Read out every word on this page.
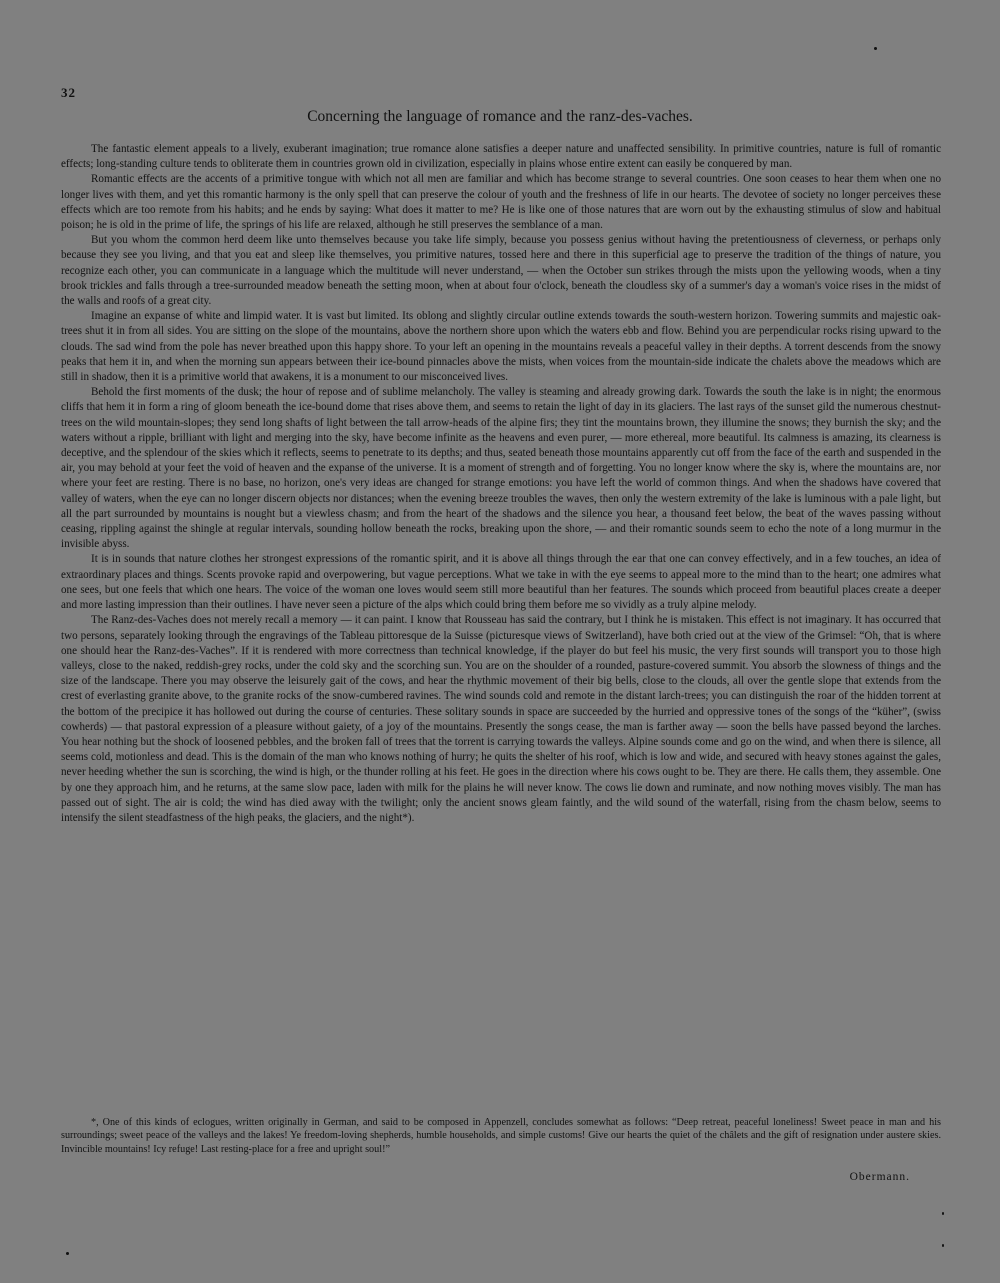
32
Concerning the language of romance and the ranz-des-vaches.

The fantastic element appeals to a lively, exuberant imagination; true romance alone satisfies a deeper nature and unaffected sensibility. In primitive countries, nature is full of romantic effects; long-standing culture tends to obliterate them in countries grown old in civilization, especially in plains whose entire extent can easily be conquered by man.

Romantic effects are the accents of a primitive tongue with which not all men are familiar and which has become strange to several countries. One soon ceases to hear them when one no longer lives with them, and yet this romantic harmony is the only spell that can preserve the colour of youth and the freshness of life in our hearts. The devotee of society no longer perceives these effects which are too remote from his habits; and he ends by saying: What does it matter to me? He is like one of those natures that are worn out by the exhausting stimulus of slow and habitual poison; he is old in the prime of life, the springs of his life are relaxed, although he still preserves the semblance of a man.

But you whom the common herd deem like unto themselves because you take life simply, because you possess genius without having the pretentiousness of cleverness, or perhaps only because they see you living, and that you eat and sleep like themselves, you primitive natures, tossed here and there in this superficial age to preserve the tradition of the things of nature, you recognize each other, you can communicate in a language which the multitude will never understand, — when the October sun strikes through the mists upon the yellowing woods, when a tiny brook trickles and falls through a tree-surrounded meadow beneath the setting moon, when at about four o'clock, beneath the cloudless sky of a summer's day a woman's voice rises in the midst of the walls and roofs of a great city.

Imagine an expanse of white and limpid water. It is vast but limited. Its oblong and slightly circular outline extends towards the south-western horizon. Towering summits and majestic oak-trees shut it in from all sides. You are sitting on the slope of the mountains, above the northern shore upon which the waters ebb and flow. Behind you are perpendicular rocks rising upward to the clouds. The sad wind from the pole has never breathed upon this happy shore. To your left an opening in the mountains reveals a peaceful valley in their depths. A torrent descends from the snowy peaks that hem it in, and when the morning sun appears between their ice-bound pinnacles above the mists, when voices from the mountain-side indicate the chalets above the meadows which are still in shadow, then it is a primitive world that awakens, it is a monument to our misconceived lives.

Behold the first moments of the dusk; the hour of repose and of sublime melancholy. The valley is steaming and already growing dark. Towards the south the lake is in night; the enormous cliffs that hem it in form a ring of gloom beneath the ice-bound dome that rises above them, and seems to retain the light of day in its glaciers. The last rays of the sunset gild the numerous chestnut-trees on the wild mountain-slopes; they send long shafts of light between the tall arrow-heads of the alpine firs; they tint the mountains brown, they illumine the snows; they burnish the sky; and the waters without a ripple, brilliant with light and merging into the sky, have become infinite as the heavens and even purer, — more ethereal, more beautiful. Its calmness is amazing, its clearness is deceptive, and the splendour of the skies which it reflects, seems to penetrate to its depths; and thus, seated beneath those mountains apparently cut off from the face of the earth and suspended in the air, you may behold at your feet the void of heaven and the expanse of the universe. It is a moment of strength and of forgetting. You no longer know where the sky is, where the mountains are, nor where your feet are resting. There is no base, no horizon, one's very ideas are changed for strange emotions: you have left the world of common things. And when the shadows have covered that valley of waters, when the eye can no longer discern objects nor distances; when the evening breeze troubles the waves, then only the western extremity of the lake is luminous with a pale light, but all the part surrounded by mountains is nought but a viewless chasm; and from the heart of the shadows and the silence you hear, a thousand feet below, the beat of the waves passing without ceasing, rippling against the shingle at regular intervals, sounding hollow beneath the rocks, breaking upon the shore, — and their romantic sounds seem to echo the note of a long murmur in the invisible abyss.

It is in sounds that nature clothes her strongest expressions of the romantic spirit, and it is above all things through the ear that one can convey effectively, and in a few touches, an idea of extraordinary places and things. Scents provoke rapid and overpowering, but vague perceptions. What we take in with the eye seems to appeal more to the mind than to the heart; one admires what one sees, but one feels that which one hears. The voice of the woman one loves would seem still more beautiful than her features. The sounds which proceed from beautiful places create a deeper and more lasting impression than their outlines. I have never seen a picture of the alps which could bring them before me so vividly as a truly alpine melody.

The Ranz-des-Vaches does not merely recall a memory — it can paint. I know that Rousseau has said the contrary, but I think he is mistaken. This effect is not imaginary. It has occurred that two persons, separately looking through the engravings of the Tableau pittoresque de la Suisse (picturesque views of Switzerland), have both cried out at the view of the Grimsel: “Oh, that is where one should hear the Ranz-des-Vaches”. If it is rendered with more correctness than technical knowledge, if the player do but feel his music, the very first sounds will transport you to those high valleys, close to the naked, reddish-grey rocks, under the cold sky and the scorching sun. You are on the shoulder of a rounded, pasture-covered summit. You absorb the slowness of things and the size of the landscape. There you may observe the leisurely gait of the cows, and hear the rhythmic movement of their big bells, close to the clouds, all over the gentle slope that extends from the crest of everlasting granite above, to the granite rocks of the snow-cumbered ravines. The wind sounds cold and remote in the distant larch-trees; you can distinguish the roar of the hidden torrent at the bottom of the precipice it has hollowed out during the course of centuries. These solitary sounds in space are succeeded by the hurried and oppressive tones of the songs of the “küher”, (swiss cowherds) — that pastoral expression of a pleasure without gaiety, of a joy of the mountains. Presently the songs cease, the man is farther away — soon the bells have passed beyond the larches. You hear nothing but the shock of loosened pebbles, and the broken fall of trees that the torrent is carrying towards the valleys. Alpine sounds come and go on the wind, and when there is silence, all seems cold, motionless and dead. This is the domain of the man who knows nothing of hurry; he quits the shelter of his roof, which is low and wide, and secured with heavy stones against the gales, never heeding whether the sun is scorching, the wind is high, or the thunder rolling at his feet. He goes in the direction where his cows ought to be. They are there. He calls them, they assemble. One by one they approach him, and he returns, at the same slow pace, laden with milk for the plains he will never know. The cows lie down and ruminate, and now nothing moves visibly. The man has passed out of sight. The air is cold; the wind has died away with the twilight; only the ancient snows gleam faintly, and the wild sound of the waterfall, rising from the chasm below, seems to intensify the silent steadfastness of the high peaks, the glaciers, and the night*).

*, One of this kinds of eclogues, written originally in German, and said to be composed in Appenzell, concludes somewhat as follows: “Deep retreat, peaceful loneliness! Sweet peace in man and his surroundings; sweet peace of the valleys and the lakes! Ye freedom-loving shepherds, humble households, and simple customs! Give our hearts the quiet of the châlets and the gift of resignation under austere skies. Invincible mountains! Icy refuge! Last resting-place for a free and upright soul!”

Obermann.
